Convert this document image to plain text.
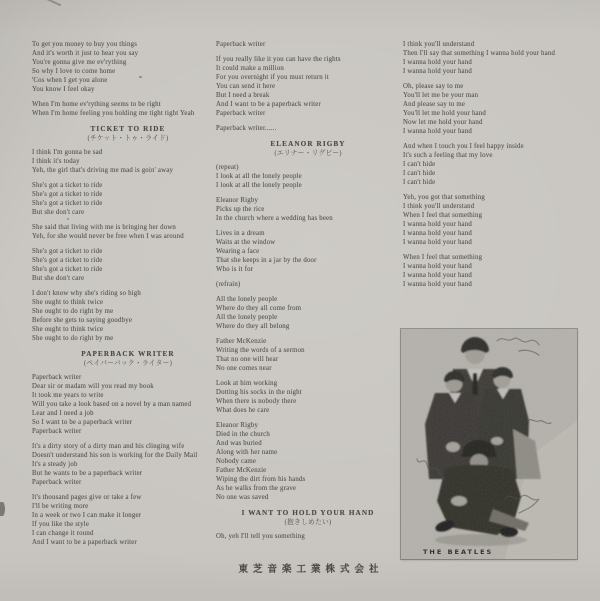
To get you money to buy you things
And it's worth it just to hear you say
You're gonna give me ev'rything
So why I love to come home
'Cos when I get you alone
You know I feel okay
When I'm home ev'rything seems to be right
When I'm home feeling you holding me tight tight Yeah
TICKET TO RIDE
(チケット・トゥ・ライド)
I think I'm gonna be sad
I think it's today
Yeh, the girl that's driving me mad is goin' away
She's got a ticket to ride
She's got a ticket to ride
She's got a ticket to ride
But she don't care
She said that living with me is bringing her down
Yeh, for she would never be free when I was around
She's got a ticket to ride
She's got a ticket to ride
She's got a ticket to ride
But she don't care
I don't know why she's riding so high
She ought to think twice
She ought to do right by me
Before she gets to saying goodbye
She ought to think twice
She ought to do right by me
PAPERBACK WRITER
(ペイパーバック・ライター)
Paperback writer
Dear sir or madam will you read my book
It took me years to write
Will you take a look based on a novel by a man named
Lear and I need a job
So I want to be a paperback writer
Paperback writer
It's a dirty story of a dirty man and his clinging wife
Doesn't understand his son is working for the Daily Mail
It's a steady job
But he wants to be a paperback writer
Paperback writer
It's thousand pages give or take a few
I'll be writing more
In a week or two I can make it longer
If you like the style
I can change it round
And I want to be a paperback writer
Paperback writer
If you really like it you can have the rights
It could make a million
For you overnight if you must return it
You can send it here
But I need a break
And I want to be a paperback writer
Paperback writer
Paperback writer......
ELEANOR RIGBY
(エリナー・リグビー)
(repeat)
I look at all the lonely people
I look at all the lonely people
Eleanor Rigby
Picks up the rice
In the church where a wedding has been
Lives in a dream
Waits at the window
Wearing a face
That she keeps in a jar by the door
Who is it for
(refrain)
All the lonely people
Where do they all come from
All the lonely people
Where do they all belong
Father McKenzie
Writing the words of a sermon
That no one will hear
No one comes near
Look at him working
Dotting his socks in the night
When there is nobody there
What does he care
Eleanor Rigby
Died in the church
And was buried
Along with her name
Nobody came
Father McKenzie
Wiping the dirt from his hands
As he walks from the grave
No one was saved
I WANT TO HOLD YOUR HAND
(抱きしめたい)
Oh, yeh I'll tell you something
I think you'll understand
Then I'll say that something I wanna hold your hand
I wanna hold your hand
I wanna hold your hand
Oh, please say to me
You'll let me be your man
And please say to me
You'll let me hold your hand
Now let me hold your hand
I wanna hold your hand
And when I touch you I feel happy inside
It's such a feeling that my love
I can't hide
I can't hide
I can't hide
Yeh, you got that something
I think you'll understand
When I feel that something
I wanna hold your hand
I wanna hold your hand
I wanna hold your hand
When I feel that something
I wanna hold your hand
I wanna hold your hand
I wanna hold your hand
THE BEATLES
東芝音楽工業株式会社
